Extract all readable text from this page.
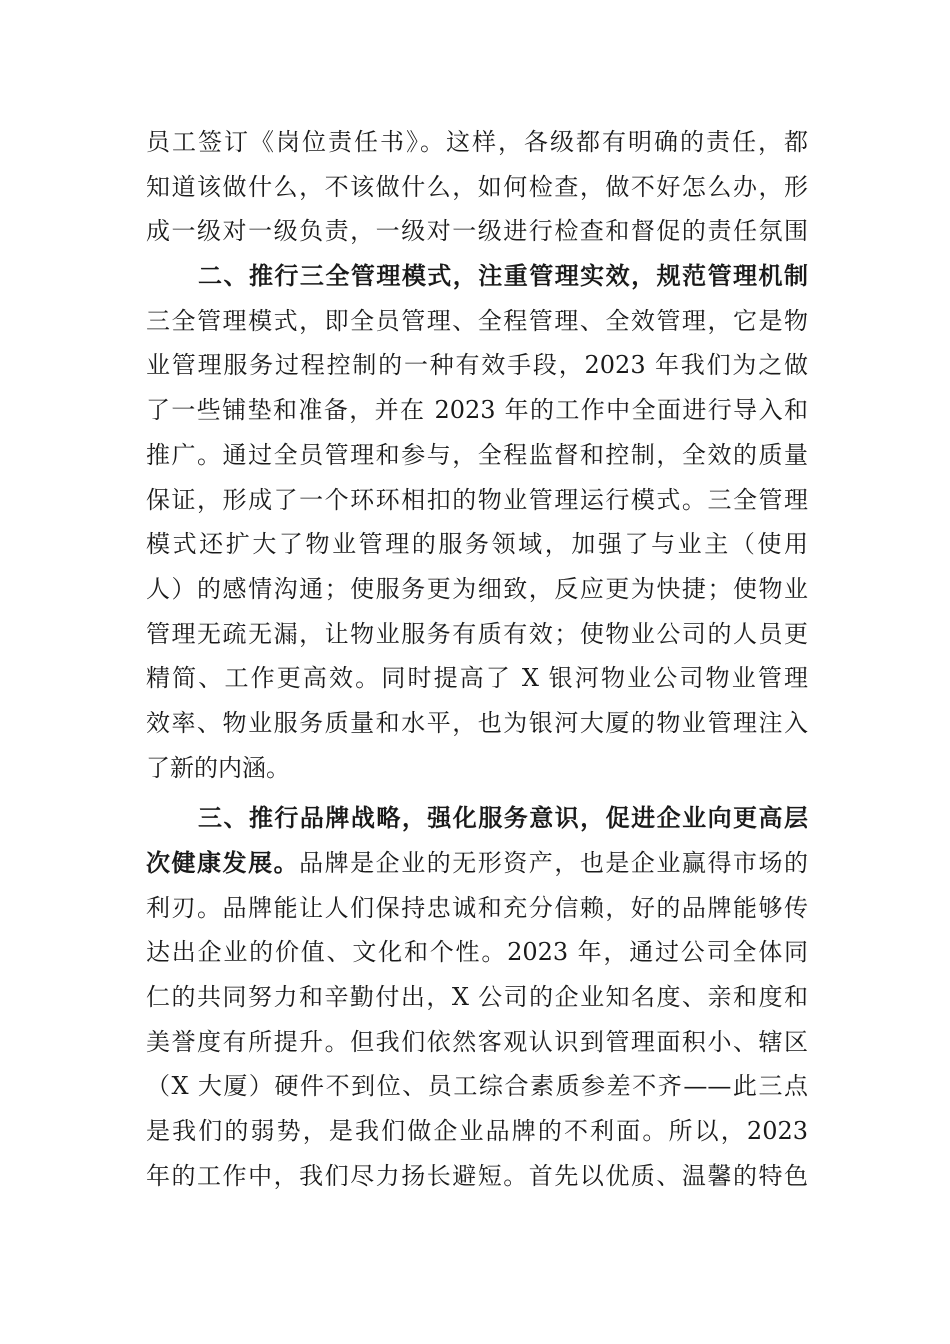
员工签订《岗位责任书》。这样，各级都有明确的责任，都
知道该做什么，不该做什么，如何检查，做不好怎么办，形
成一级对一级负责，一级对一级进行检查和督促的责任氛围
二、推行三全管理模式，注重管理实效，规范管理机制
三全管理模式，即全员管理、全程管理、全效管理，它是物
业管理服务过程控制的一种有效手段，2023 年我们为之做
了一些铺垫和准备，并在 2023 年的工作中全面进行导入和
推广。通过全员管理和参与，全程监督和控制，全效的质量
保证，形成了一个环环相扣的物业管理运行模式。三全管理
模式还扩大了物业管理的服务领域，加强了与业主（使用
人）的感情沟通；使服务更为细致，反应更为快捷；使物业
管理无疏无漏，让物业服务有质有效；使物业公司的人员更
精简、工作更高效。同时提高了 X 银河物业公司物业管理
效率、物业服务质量和水平，也为银河大厦的物业管理注入
了新的内涵。
三、推行品牌战略，强化服务意识，促进企业向更高层
次健康发展。品牌是企业的无形资产，也是企业赢得市场的
利刃。品牌能让人们保持忠诚和充分信赖，好的品牌能够传
达出企业的价值、文化和个性。2023 年，通过公司全体同
仁的共同努力和辛勤付出，X 公司的企业知名度、亲和度和
美誉度有所提升。但我们依然客观认识到管理面积小、辖区
（X 大厦）硬件不到位、员工综合素质参差不齐——此三点
是我们的弱势，是我们做企业品牌的不利面。所以，2023
年的工作中，我们尽力扬长避短。首先以优质、温馨的特色
